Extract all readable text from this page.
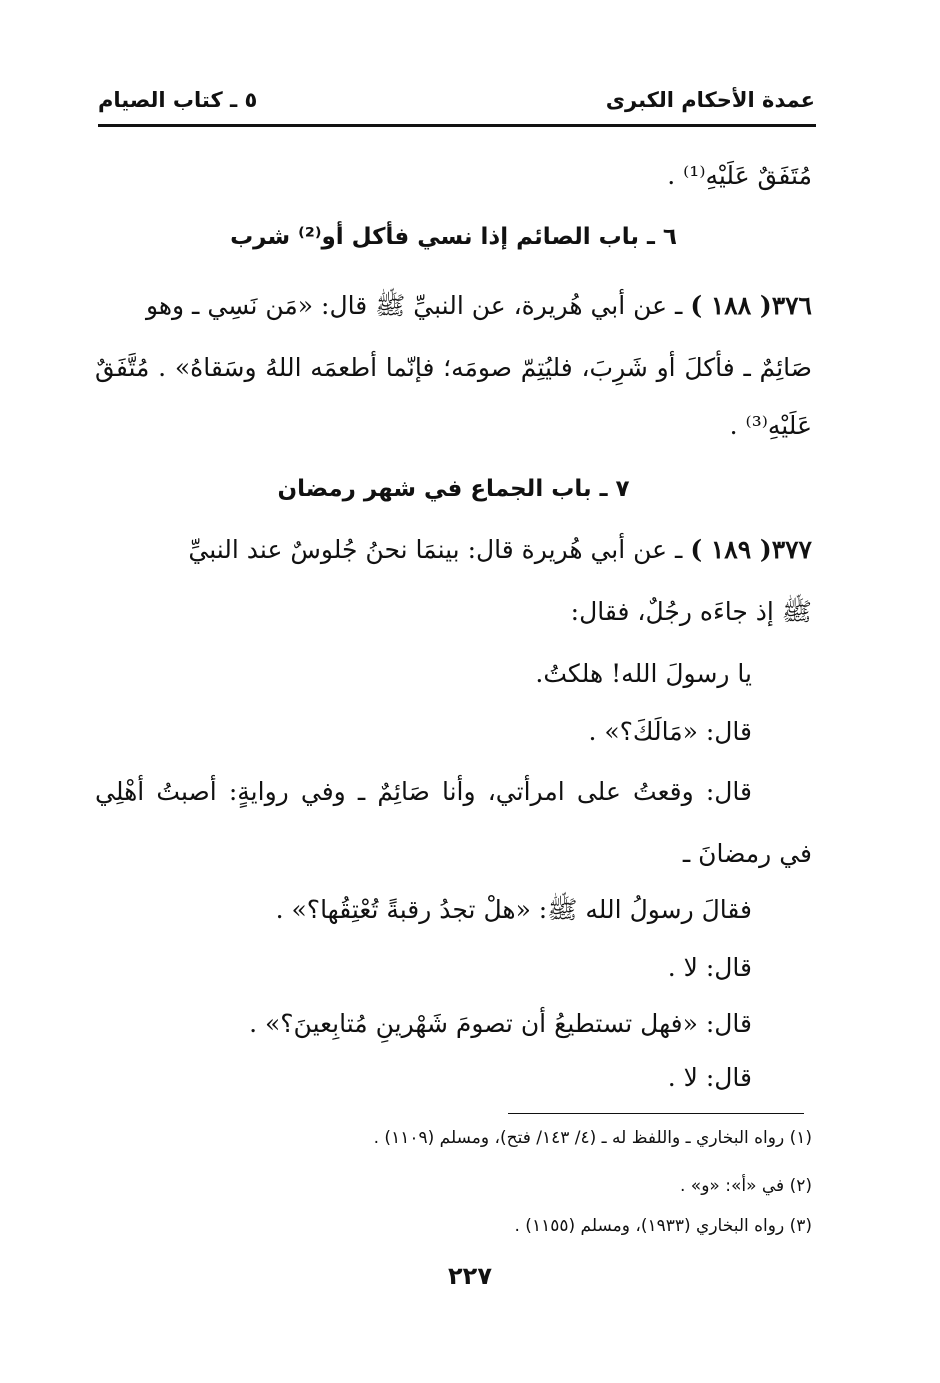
عمدة الأحكام الكبرى
٥ ـ كتاب الصيام
مُتَفَقٌ عَلَيْهِ⁽¹⁾ .
٦ ـ باب الصائم إذا نسي فأكل أو⁽²⁾ شرب
٣٧٦( ١٨٨ ) ـ عن أبي هُريرة، عن النبيِّ ﷺ قال: «مَن نَسِي ـ وهو
صَائِمٌ ـ فأكلَ أو شَرِبَ، فليُتِمّ صومَه؛ فإنّما أطعمَه اللهُ وسَقاهُ» . مُتَّفَقٌ
عَلَيْهِ⁽³⁾ .
٧ ـ باب الجماع في شهر رمضان
٣٧٧( ١٨٩ ) ـ عن أبي هُريرة قال: بينمَا نحنُ جُلوسٌ عند النبيِّ
ﷺ إذ جاءَه رجُلٌ، فقال:
يا رسولَ الله! هلكتُ.
قال: «مَالَكَ؟» .
قال: وقعتُ على امرأتي، وأنا صَائِمٌ ـ وفي روايةٍ: أصبتُ أهْلِي
في رمضانَ ـ
فقالَ رسولُ الله ﷺ: «هلْ تجدُ رقبةً تُعْتِقُها؟» .
قال: لا .
قال: «فهل تستطيعُ أن تصومَ شَهْرينِ مُتابِعينَ؟» .
قال: لا .
(١) رواه البخاري ـ واللفظ له ـ (٤/ ١٤٣/ فتح)، ومسلم (١١٠٩) .
(٢) في «أ»: «و» .
(٣) رواه البخاري (١٩٣٣)، ومسلم (١١٥٥) .
٢٢٧
